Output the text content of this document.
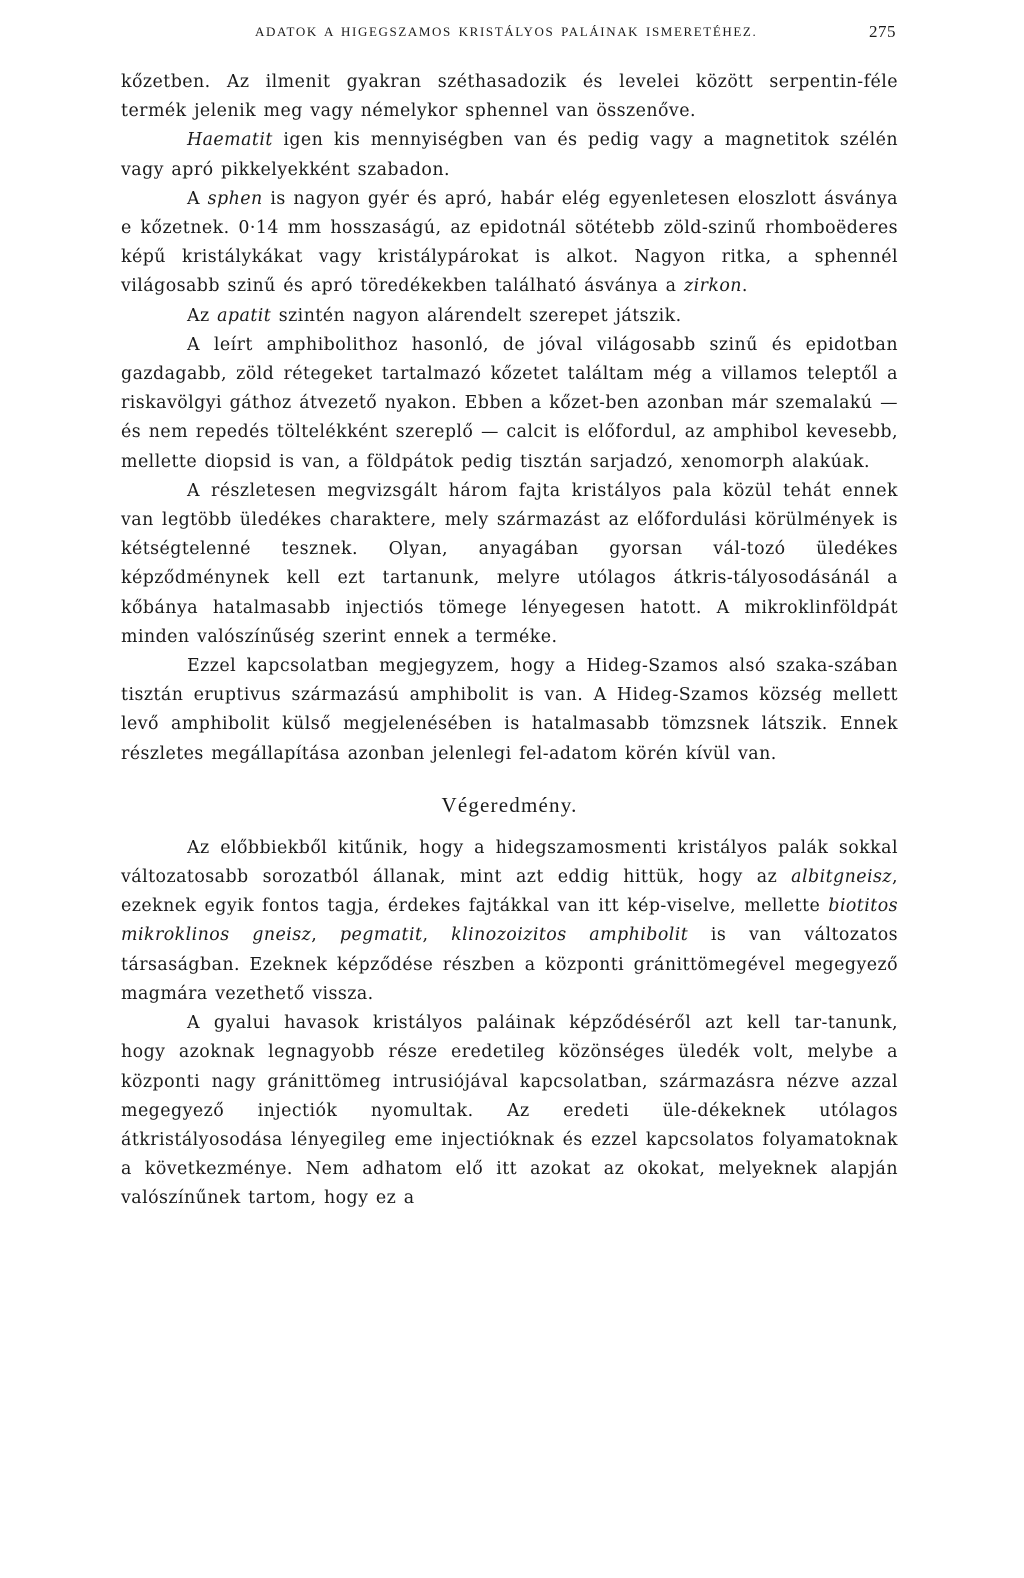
ADATOK A HIGEGSZAMOS KRISTÁLYOS PALÁINAK ISMERETÉHEZ.	275

kőzetben. Az ilmenit gyakran széthasadozik és levelei között serpentin-féle termék jelenik meg vagy némelykor sphennel van összenőve.

Haematit igen kis mennyiségben van és pedig vagy a magnetitok szélén vagy apró pikkelyekként szabadon.

A sphen is nagyon gyér és apró, habár elég egyenletesen eloszlott ásványa e kőzetnek. 0·14 mm hosszaságú, az epidotnál sötétebb zöld-szinű rhomboëderes képű kristálykákat vagy kristálypárokat is alkot. Nagyon ritka, a sphennél világosabb szinű és apró töredékekben található ásványa a zirkon.

Az apatit szintén nagyon alárendelt szerepet játszik.

A leírt amphibolithoz hasonló, de jóval világosabb szinű és epidotban gazdagabb, zöld rétegeket tartalmazó kőzetet találtam még a villamos teleptől a riskavölgyi gáthoz átvezető nyakon. Ebben a kőzet-ben azonban már szemalakú — és nem repedés töltelékként szereplő — calcit is előfordul, az amphibol kevesebb, mellette diopsid is van, a földpátok pedig tisztán sarjadzó, xenomorph alakúak.

A részletesen megvizsgált három fajta kristályos pala közül tehát ennek van legtöbb üledékes charaktere, mely származást az előfordulási körülmények is kétségtelenné tesznek. Olyan, anyagában gyorsan vál-tozó üledékes képződménynek kell ezt tartanunk, melyre utólagos átkris-tályosodásánál a kőbánya hatalmasabb injectiós tömege lényegesen hatott. A mikroklinföldpát minden valószínűség szerint ennek a terméke.

Ezzel kapcsolatban megjegyzem, hogy a Hideg-Szamos alsó szaka-szában tisztán eruptivus származású amphibolit is van. A Hideg-Szamos község mellett levő amphibolit külső megjelenésében is hatalmasabb tömzsnek látszik. Ennek részletes megállapítása azonban jelenlegi fel-adatom körén kívül van.

Végeredmény.

Az előbbiekből kitűnik, hogy a hidegszamosmenti kristályos palák sokkal változatosabb sorozatból állanak, mint azt eddig hittük, hogy az albitgneisz, ezeknek egyik fontos tagja, érdekes fajtákkal van itt kép-viselve, mellette biotitos mikroklinos gneisz, pegmatit, klinozoizitos amphibolit is van változatos társaságban. Ezeknek képződése részben a központi gránittömegével megegyező magmára vezethető vissza.

A gyalui havasok kristályos paláinak képződéséről azt kell tar-tanunk, hogy azoknak legnagyobb része eredetileg közönséges üledék volt, melybe a központi nagy gránittömeg intrusiójával kapcsolatban, származásra nézve azzal megegyező injectiók nyomultak. Az eredeti üle-dékeknek utólagos átkristályosodása lényegileg eme injectióknak és ezzel kapcsolatos folyamatoknak a következménye. Nem adhatom elő itt azokat az okokat, melyeknek alapján valószínűnek tartom, hogy ez a
